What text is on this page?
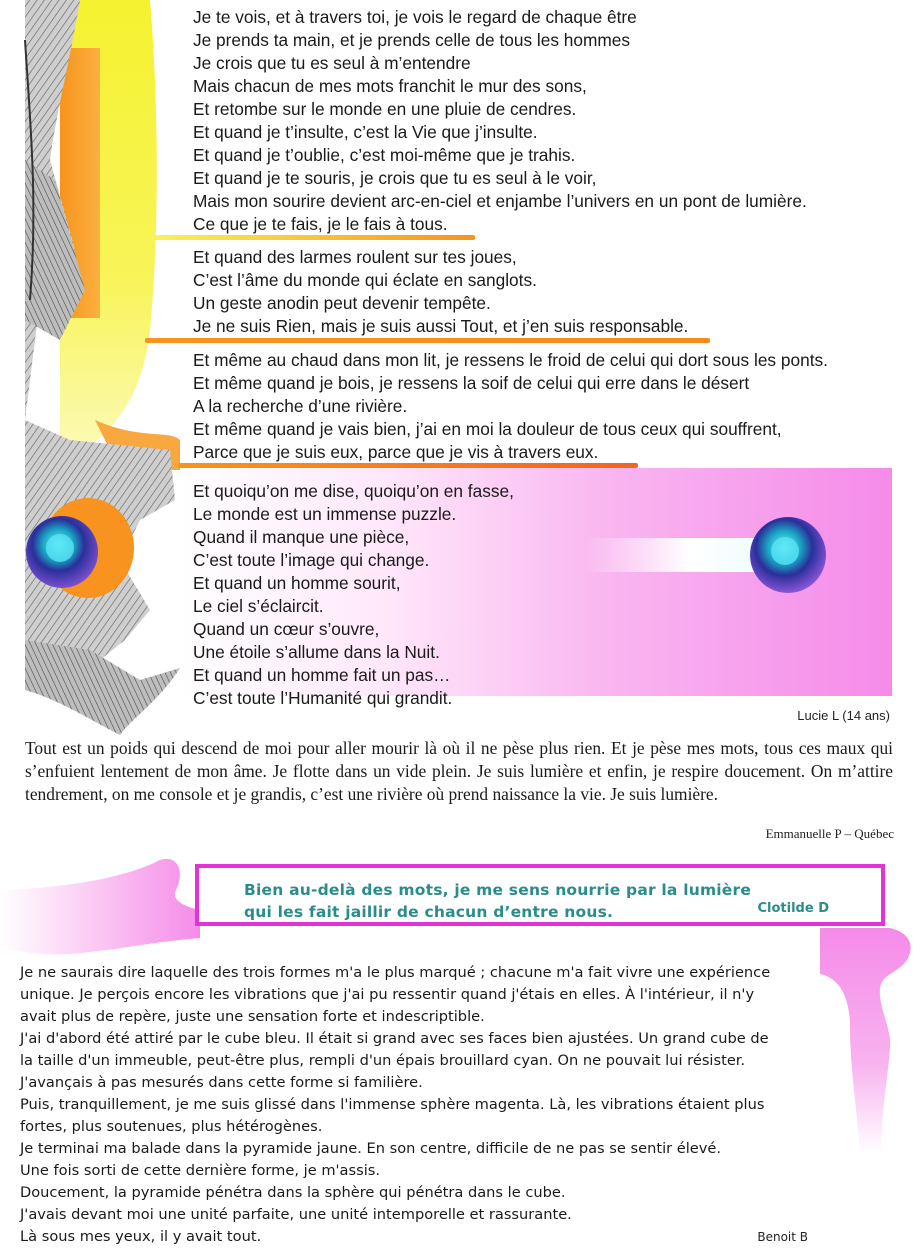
Je te vois, et à travers toi, je vois le regard de chaque être
Je prends ta main, et je prends celle de tous les hommes
Je crois que tu es seul à m’entendre
Mais chacun de mes mots franchit le mur des sons,
Et retombe sur le monde en une pluie de cendres.
Et quand je t’insulte, c’est la Vie que j’insulte.
Et quand je t’oublie, c’est moi-même que je trahis.
Et quand je te souris, je crois que tu es seul à le voir,
Mais mon sourire devient arc-en-ciel et enjambe l’univers en un pont de lumière.
Ce que je te fais, je le fais à tous.
Et quand des larmes roulent sur tes joues,
C’est l’âme du monde qui éclate en sanglots.
Un geste anodin peut devenir tempête.
Je ne suis Rien, mais je suis aussi Tout, et j’en suis responsable.
Et même au chaud dans mon lit, je ressens le froid de celui qui dort sous les ponts.
Et même quand je bois, je ressens la soif de celui qui erre dans le désert
A la recherche d’une rivière.
Et même quand je vais bien, j’ai en moi la douleur de tous ceux qui souffrent,
Parce que je suis eux, parce que je vis à travers eux.
Et quoiqu’on me dise, quoiqu’on en fasse,
Le monde est un immense puzzle.
Quand il manque une pièce,
C’est toute l’image qui change.
Et quand un homme sourit,
Le ciel s’éclaircit.
Quand un cœur s’ouvre,
Une étoile s’allume dans la Nuit.
Et quand un homme fait un pas…
C’est toute l’Humanité qui grandit.
Lucie L (14 ans)
Tout est un poids qui descend de moi pour aller mourir là où il ne pèse plus rien. Et je pèse mes mots, tous ces maux qui s’enfuient lentement de mon âme. Je flotte dans un vide plein. Je suis lumière et enfin, je respire doucement. On m’attire tendrement, on me console et je grandis, c’est une rivière où prend naissance la vie. Je suis lumière.
Emmanuelle P – Québec
Bien au-delà des mots, je me sens nourrie par la lumière
qui les fait jaillir de chacun d’entre nous.	Clotilde D
Je ne saurais dire laquelle des trois formes m'a le plus marqué ; chacune m'a fait vivre une expérience
unique. Je perçois encore les vibrations que j'ai pu ressentir quand j'étais en elles. À l'intérieur, il n'y
avait plus de repère, juste une sensation forte et indescriptible.
J'ai d'abord été attiré par le cube bleu. Il était si grand avec ses faces bien ajustées. Un grand cube de
la taille d'un immeuble, peut-être plus, rempli d'un épais brouillard cyan. On ne pouvait lui résister.
J'avançais à pas mesurés dans cette forme si familière.
Puis, tranquillement, je me suis glissé dans l'immense sphère magenta. Là, les vibrations étaient plus
fortes, plus soutenues, plus hétérogènes.
Je terminai ma balade dans la pyramide jaune. En son centre, difficile de ne pas se sentir élevé.
Une fois sorti de cette dernière forme, je m'assis.
Doucement, la pyramide pénétra dans la sphère qui pénétra dans le cube.
J'avais devant moi une unité parfaite, une unité intemporelle et rassurante.
Là sous mes yeux, il y avait tout.	Benoit B
